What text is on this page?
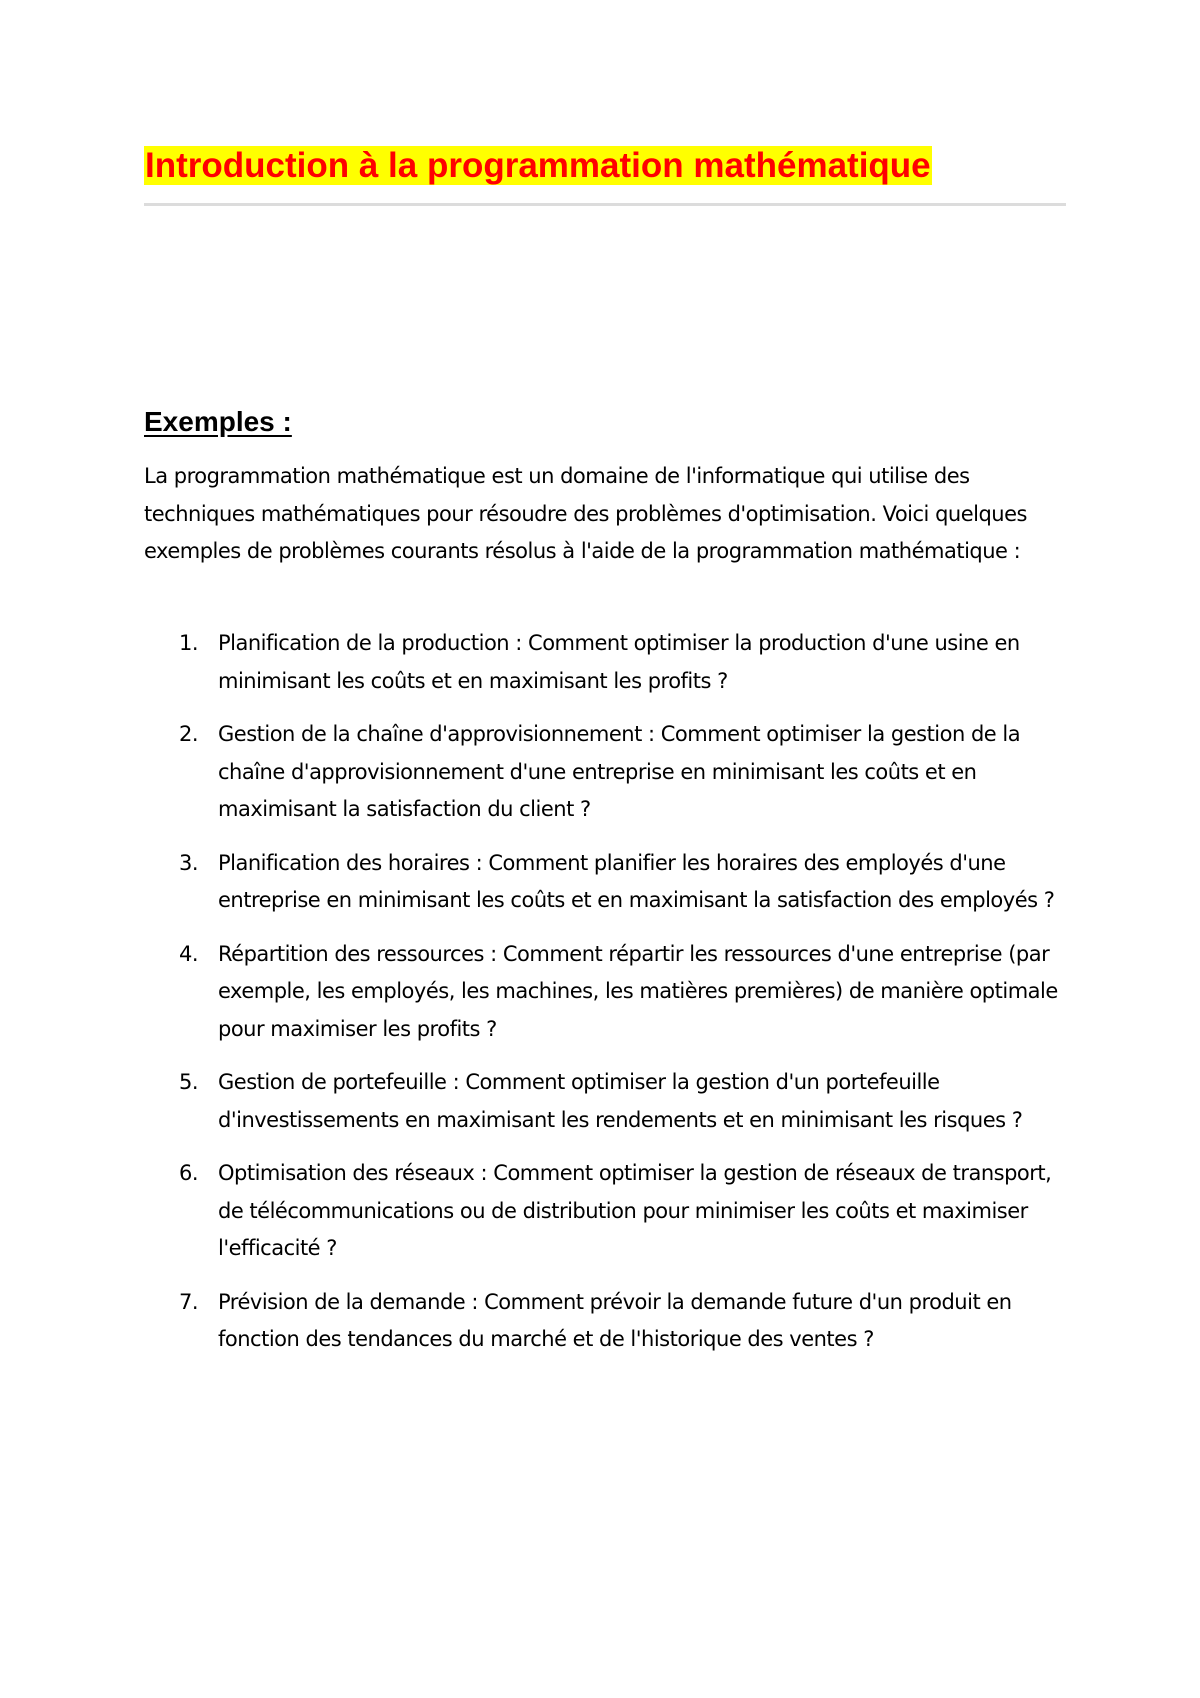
Introduction à la programmation mathématique
Exemples :

La programmation mathématique est un domaine de l'informatique qui utilise des techniques mathématiques pour résoudre des problèmes d'optimisation. Voici quelques exemples de problèmes courants résolus à l'aide de la programmation mathématique :

1. Planification de la production : Comment optimiser la production d'une usine en minimisant les coûts et en maximisant les profits ?
2. Gestion de la chaîne d'approvisionnement : Comment optimiser la gestion de la chaîne d'approvisionnement d'une entreprise en minimisant les coûts et en maximisant la satisfaction du client ?
3. Planification des horaires : Comment planifier les horaires des employés d'une entreprise en minimisant les coûts et en maximisant la satisfaction des employés ?
4. Répartition des ressources : Comment répartir les ressources d'une entreprise (par exemple, les employés, les machines, les matières premières) de manière optimale pour maximiser les profits ?
5. Gestion de portefeuille : Comment optimiser la gestion d'un portefeuille d'investissements en maximisant les rendements et en minimisant les risques ?
6. Optimisation des réseaux : Comment optimiser la gestion de réseaux de transport, de télécommunications ou de distribution pour minimiser les coûts et maximiser l'efficacité ?
7. Prévision de la demande : Comment prévoir la demande future d'un produit en fonction des tendances du marché et de l'historique des ventes ?
